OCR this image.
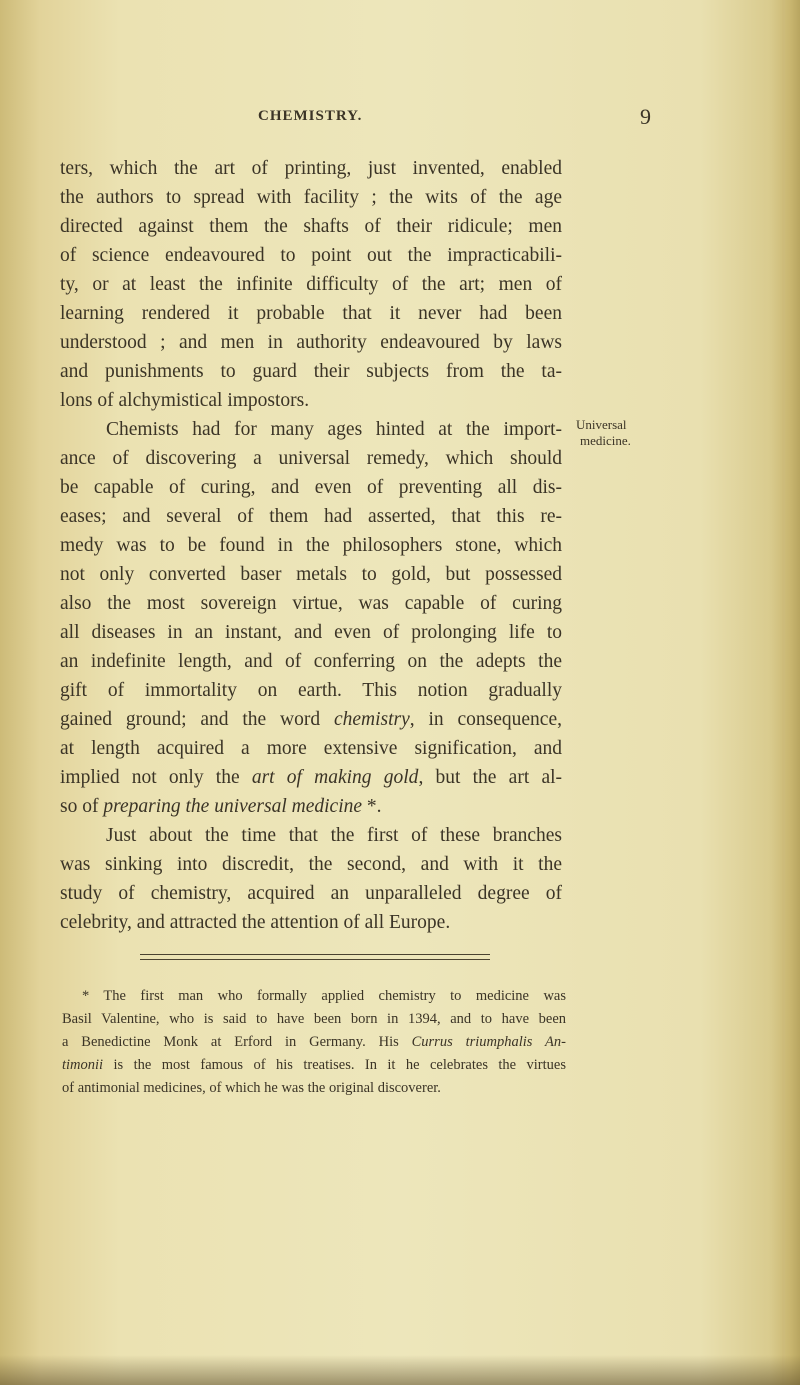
CHEMISTRY.	9
ters, which the art of printing, just invented, enabled
the authors to spread with facility ; the wits of the age
directed against them the shafts of their ridicule; men
of science endeavoured to point out the impracticabili-
ty, or at least the infinite difficulty of the art; men of
learning rendered it probable that it never had been
understood ; and men in authority endeavoured by laws
and punishments to guard their subjects from the ta-
lons of alchymistical impostors.
Chemists had for many ages hinted at the import-
ance of discovering a universal remedy, which should
be capable of curing, and even of preventing all dis-
eases; and several of them had asserted, that this re-
medy was to be found in the philosophers stone, which
not only converted baser metals to gold, but possessed
also the most sovereign virtue, was capable of curing
all diseases in an instant, and even of prolonging life to
an indefinite length, and of conferring on the adepts the
gift of immortality on earth. This notion gradually
gained ground; and the word chemistry, in consequence,
at length acquired a more extensive signification, and
implied not only the art of making gold, but the art al-
so of preparing the universal medicine *.
Just about the time that the first of these branches
was sinking into discredit, the second, and with it the
study of chemistry, acquired an unparalleled degree of
celebrity, and attracted the attention of all Europe.
Universal
medicine.
* The first man who formally applied chemistry to medicine was
Basil Valentine, who is said to have been born in 1394, and to have been
a Benedictine Monk at Erford in Germany. His Currus triumphalis An-
timonii is the most famous of his treatises. In it he celebrates the virtues
of antimonial medicines, of which he was the original discoverer.
